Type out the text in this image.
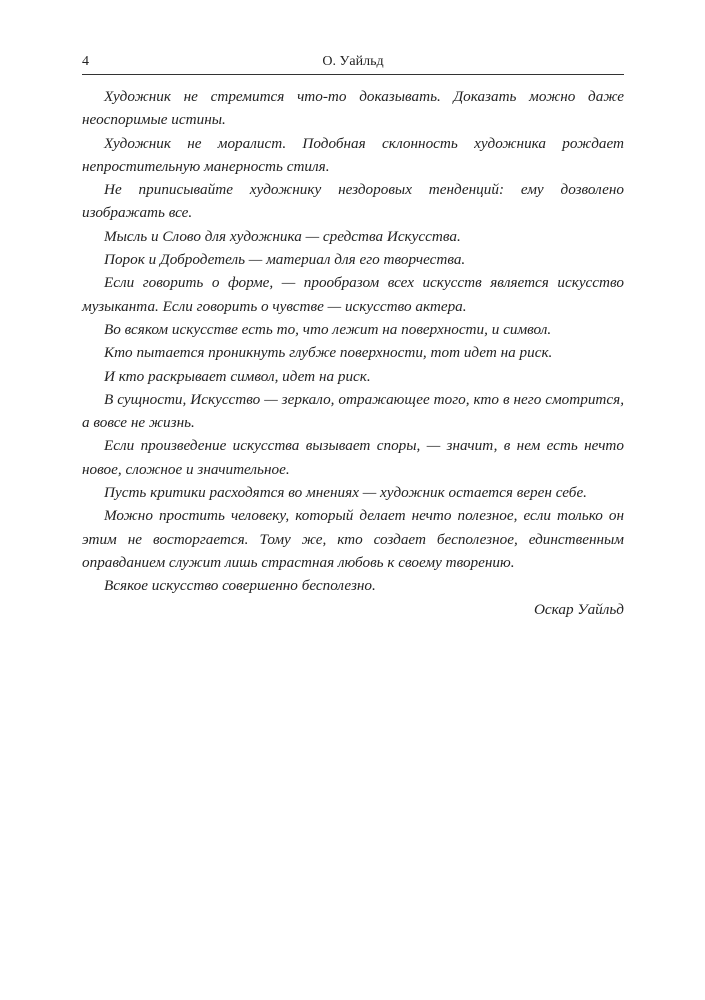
4	О. Уайльд

Художник не стремится что-то доказывать. Доказать можно даже неоспоримые истины.

Художник не моралист. Подобная склонность художника рождает непростительную манерность стиля.

Не приписывайте художнику нездоровых тенденций: ему дозволено изображать все.

Мысль и Слово для художника — средства Искусства.

Порок и Добродетель — материал для его творчества.

Если говорить о форме, — прообразом всех искусств является искусство музыканта. Если говорить о чувстве — искусство актера.

Во всяком искусстве есть то, что лежит на поверхности, и символ.

Кто пытается проникнуть глубже поверхности, тот идет на риск.

И кто раскрывает символ, идет на риск.

В сущности, Искусство — зеркало, отражающее того, кто в него смотрится, а вовсе не жизнь.

Если произведение искусства вызывает споры, — значит, в нем есть нечто новое, сложное и значительное.

Пусть критики расходятся во мнениях — художник остается верен себе.

Можно простить человеку, который делает нечто полезное, если только он этим не восторгается. Тому же, кто создает бесполезное, единственным оправданием служит лишь страстная любовь к своему творению.

Всякое искусство совершенно бесполезно.

Оскар Уайльд
